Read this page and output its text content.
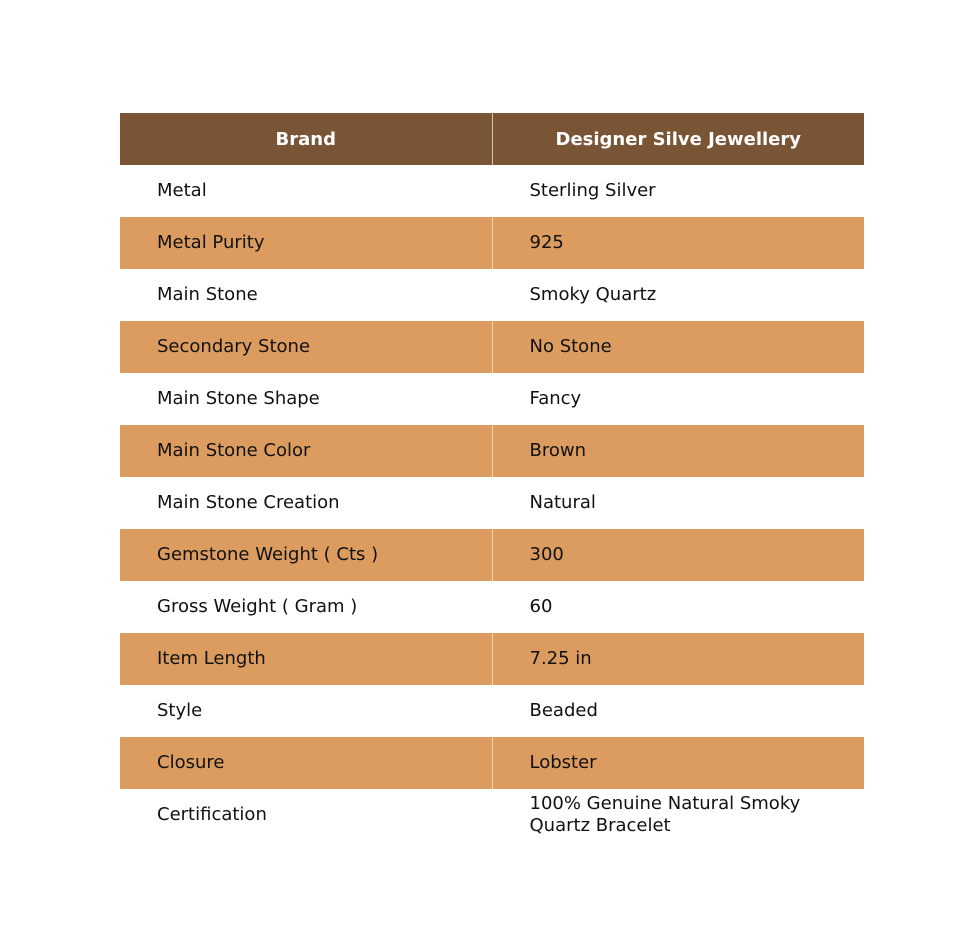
Brand	Designer Silve Jewellery
Metal	Sterling Silver
Metal Purity	925
Main Stone	Smoky Quartz
Secondary Stone	No Stone
Main Stone Shape	Fancy
Main Stone Color	Brown
Main Stone Creation	Natural
Gemstone Weight ( Cts )	300
Gross Weight ( Gram )	60
Item Length	7.25 in
Style	Beaded
Closure	Lobster
Certification	100% Genuine Natural Smoky Quartz Bracelet
